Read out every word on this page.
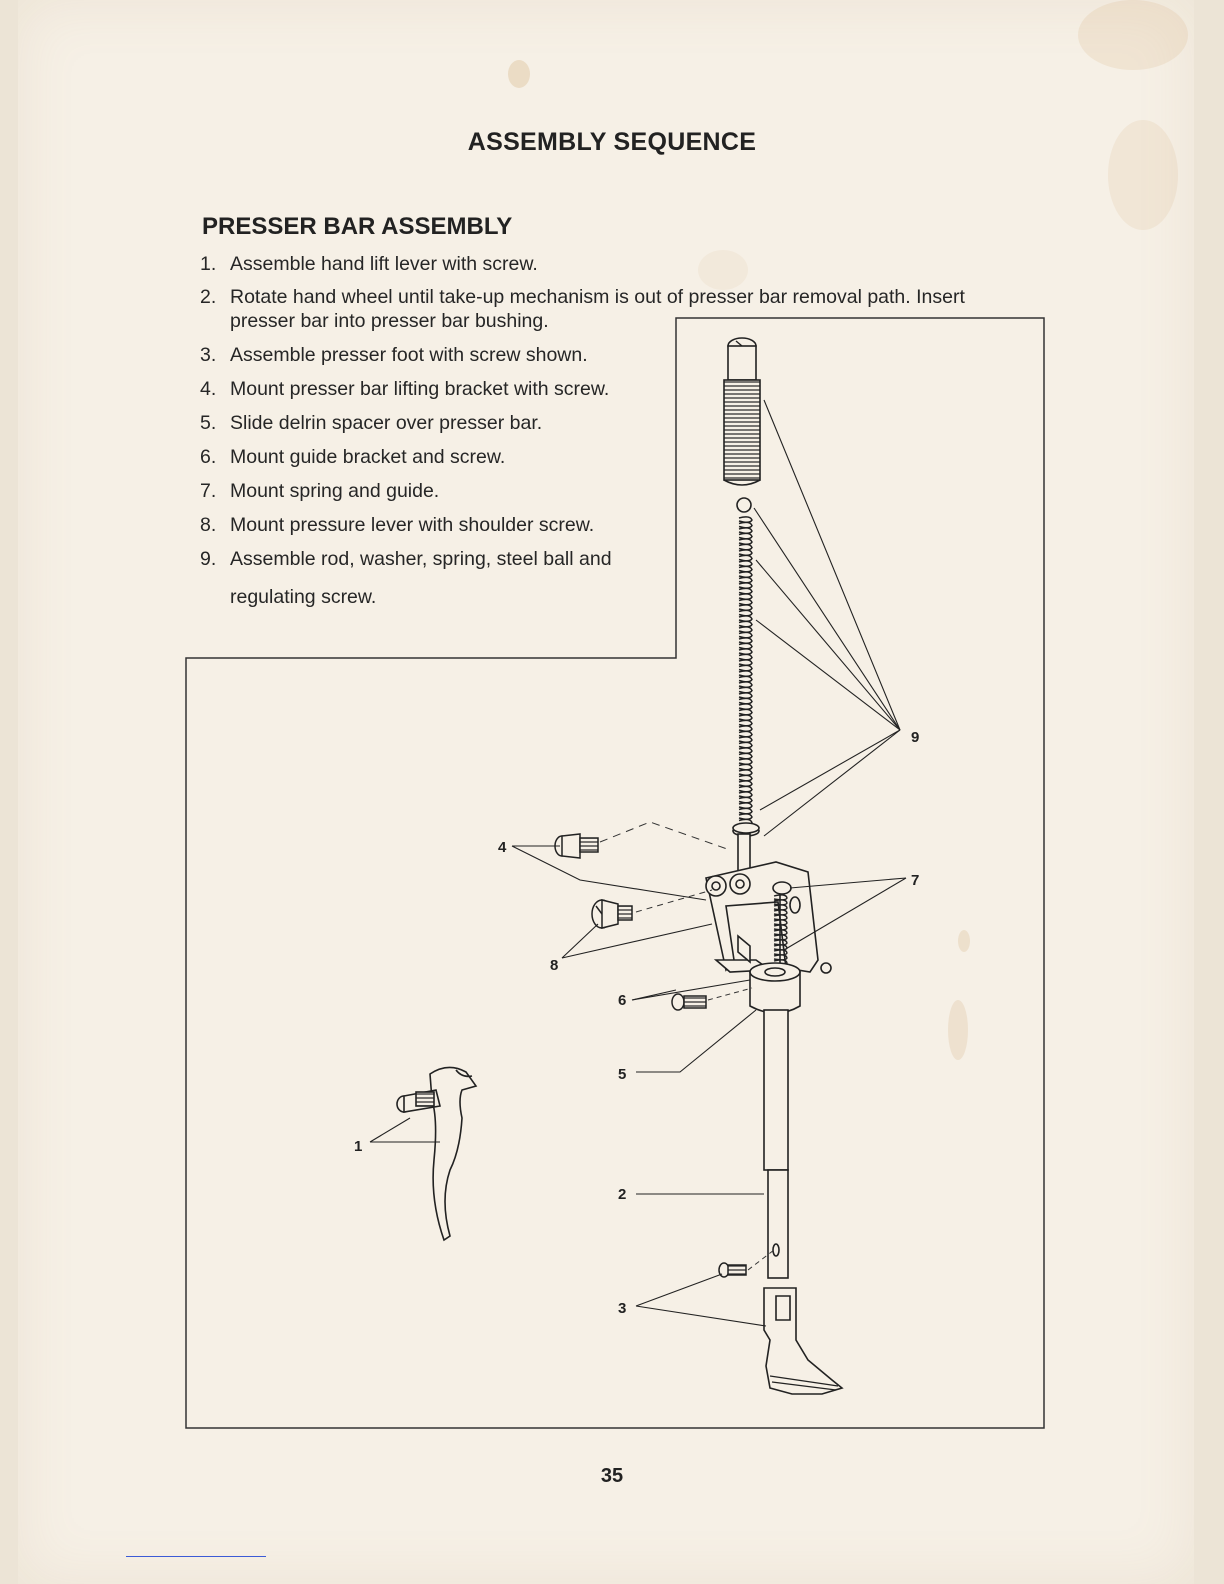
ASSEMBLY SEQUENCE
PRESSER BAR ASSEMBLY
1. Assemble hand lift lever with screw.
2. Rotate hand wheel until take-up mechanism is out of presser bar removal path. Insert
presser bar into presser bar bushing.
3. Assemble presser foot with screw shown.
4. Mount presser bar lifting bracket with screw.
5. Slide delrin spacer over presser bar.
6. Mount guide bracket and screw.
7. Mount spring and guide.
8. Mount pressure lever with shoulder screw.
9. Assemble rod, washer, spring, steel ball and
regulating screw.
9
7
4
8
6
5
1
2
3
35
